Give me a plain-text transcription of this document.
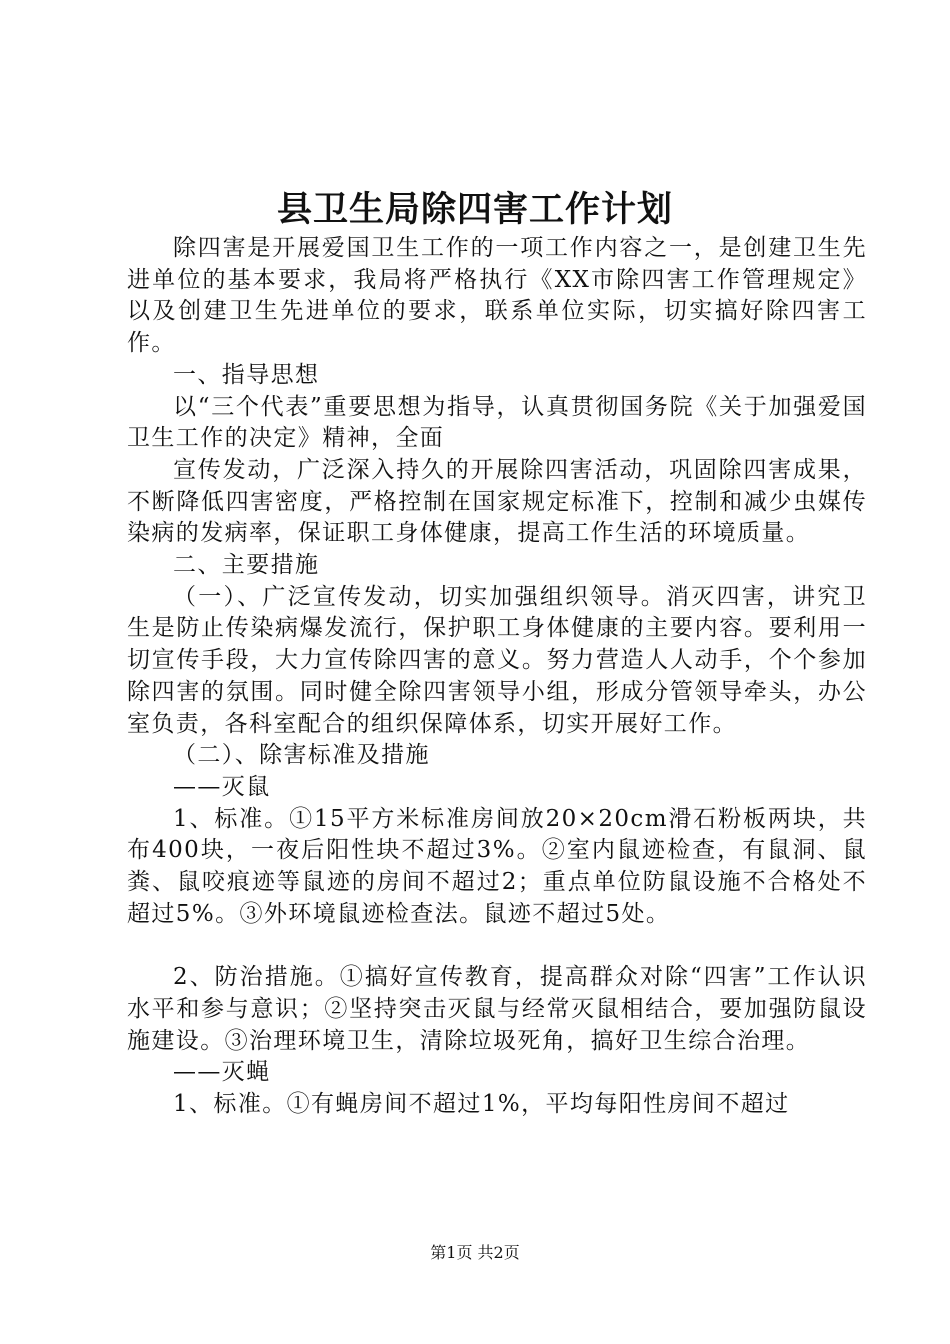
县卫生局除四害工作计划

除四害是开展爱国卫生工作的一项工作内容之一，是创建卫生先进单位的基本要求，我局将严格执行《XX市除四害工作管理规定》以及创建卫生先进单位的要求，联系单位实际，切实搞好除四害工作。

一、指导思想

以“三个代表”重要思想为指导，认真贯彻国务院《关于加强爱国卫生工作的决定》精神，全面

宣传发动，广泛深入持久的开展除四害活动，巩固除四害成果，不断降低四害密度，严格控制在国家规定标准下，控制和减少虫媒传染病的发病率，保证职工身体健康，提高工作生活的环境质量。

二、主要措施

（一）、广泛宣传发动，切实加强组织领导。消灭四害，讲究卫生是防止传染病爆发流行，保护职工身体健康的主要内容。要利用一切宣传手段，大力宣传除四害的意义。努力营造人人动手，个个参加除四害的氛围。同时健全除四害领导小组，形成分管领导牵头，办公室负责，各科室配合的组织保障体系，切实开展好工作。

（二）、除害标准及措施

——灭鼠

1、标准。①15平方米标准房间放20×20cm滑石粉板两块，共布400块，一夜后阳性块不超过3%。②室内鼠迹检查，有鼠洞、鼠粪、鼠咬痕迹等鼠迹的房间不超过2；重点单位防鼠设施不合格处不超过5%。③外环境鼠迹检查法。鼠迹不超过5处。

2、防治措施。①搞好宣传教育，提高群众对除“四害”工作认识水平和参与意识；②坚持突击灭鼠与经常灭鼠相结合，要加强防鼠设施建设。③治理环境卫生，清除垃圾死角，搞好卫生综合治理。

——灭蝇

1、标准。①有蝇房间不超过1%，平均每阳性房间不超过

第1页 共2页
